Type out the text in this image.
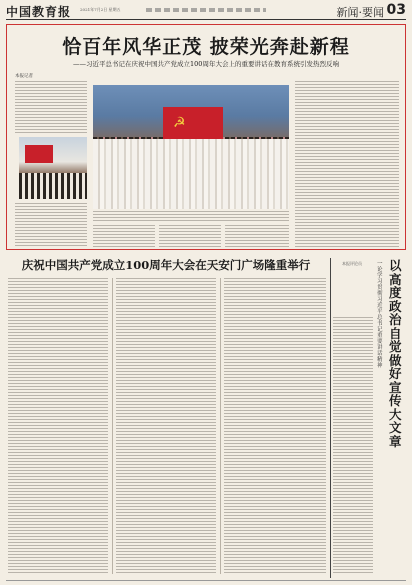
中国教育报 2021年7月2日 星期五	新闻·要闻 03
恰百年风华正茂 披荣光奔赴新程
——习近平总书记在庆祝中国共产党成立100周年大会上的重要讲话在教育系统引发热烈反响
本报记者
☭
庆祝中国共产党成立100周年大会在天安门广场隆重举行	以高度政治自觉做好宣传大文章
一论学习贯彻习近平总书记重要讲话精神
本报评论员
